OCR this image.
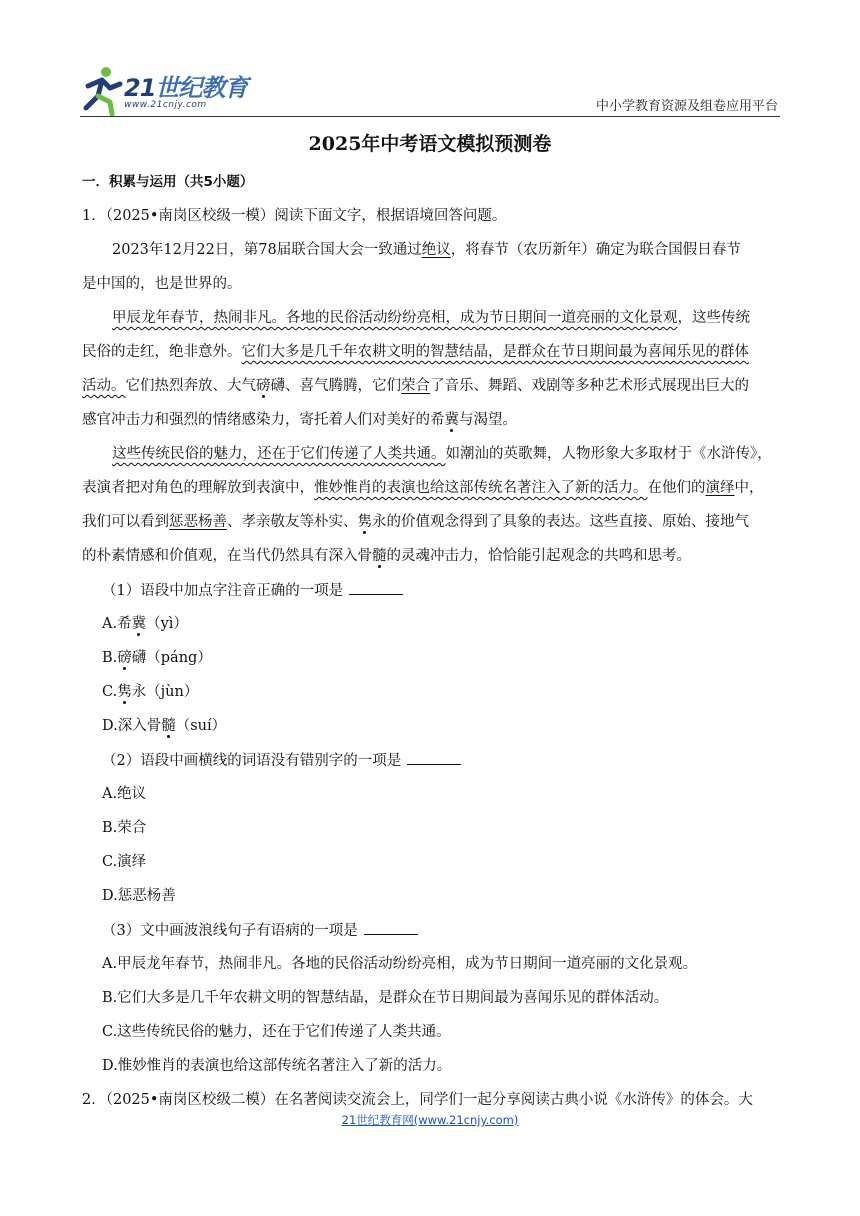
21世纪教育
www.21cnjy.com	中小学教育资源及组卷应用平台
2025年中考语文模拟预测卷
一．积累与运用（共5小题）
1．（2025•南岗区校级一模）阅读下面文字，根据语境回答问题。
2023年12月22日，第78届联合国大会一致通过绝议，将春节（农历新年）确定为联合国假日春节
是中国的，也是世界的。
甲辰龙年春节，热闹非凡。各地的民俗活动纷纷亮相，成为节日期间一道亮丽的文化景观，这些传统
民俗的走红，绝非意外。它们大多是几千年农耕文明的智慧结晶，是群众在节日期间最为喜闻乐见的群体
活动。它们热烈奔放、大气磅礴、喜气腾腾，它们荣合了音乐、舞蹈、戏剧等多种艺术形式展现出巨大的
感官冲击力和强烈的情绪感染力，寄托着人们对美好的希冀与渴望。
这些传统民俗的魅力，还在于它们传递了人类共通。如潮汕的英歌舞，人物形象大多取材于《水浒传》，
表演者把对角色的理解放到表演中，惟妙惟肖的表演也给这部传统名著注入了新的活力。在他们的演绎中，
我们可以看到惩恶杨善、孝亲敬友等朴实、隽永的价值观念得到了具象的表达。这些直接、原始、接地气
的朴素情感和价值观，在当代仍然具有深入骨髓的灵魂冲击力，恰恰能引起观念的共鸣和思考。
（1）语段中加点字注音正确的一项是
A.希冀（yì）
B.磅礴（páng）
C.隽永（jùn）
D.深入骨髓（suí）
（2）语段中画横线的词语没有错别字的一项是
A.绝议
B.荣合
C.演绎
D.惩恶杨善
（3）文中画波浪线句子有语病的一项是
A.甲辰龙年春节，热闹非凡。各地的民俗活动纷纷亮相，成为节日期间一道亮丽的文化景观。
B.它们大多是几千年农耕文明的智慧结晶，是群众在节日期间最为喜闻乐见的群体活动。
C.这些传统民俗的魅力，还在于它们传递了人类共通。
D.惟妙惟肖的表演也给这部传统名著注入了新的活力。
2．（2025•南岗区校级二模）在名著阅读交流会上，同学们一起分享阅读古典小说《水浒传》的体会。大
21世纪教育网(www.21cnjy.com)
